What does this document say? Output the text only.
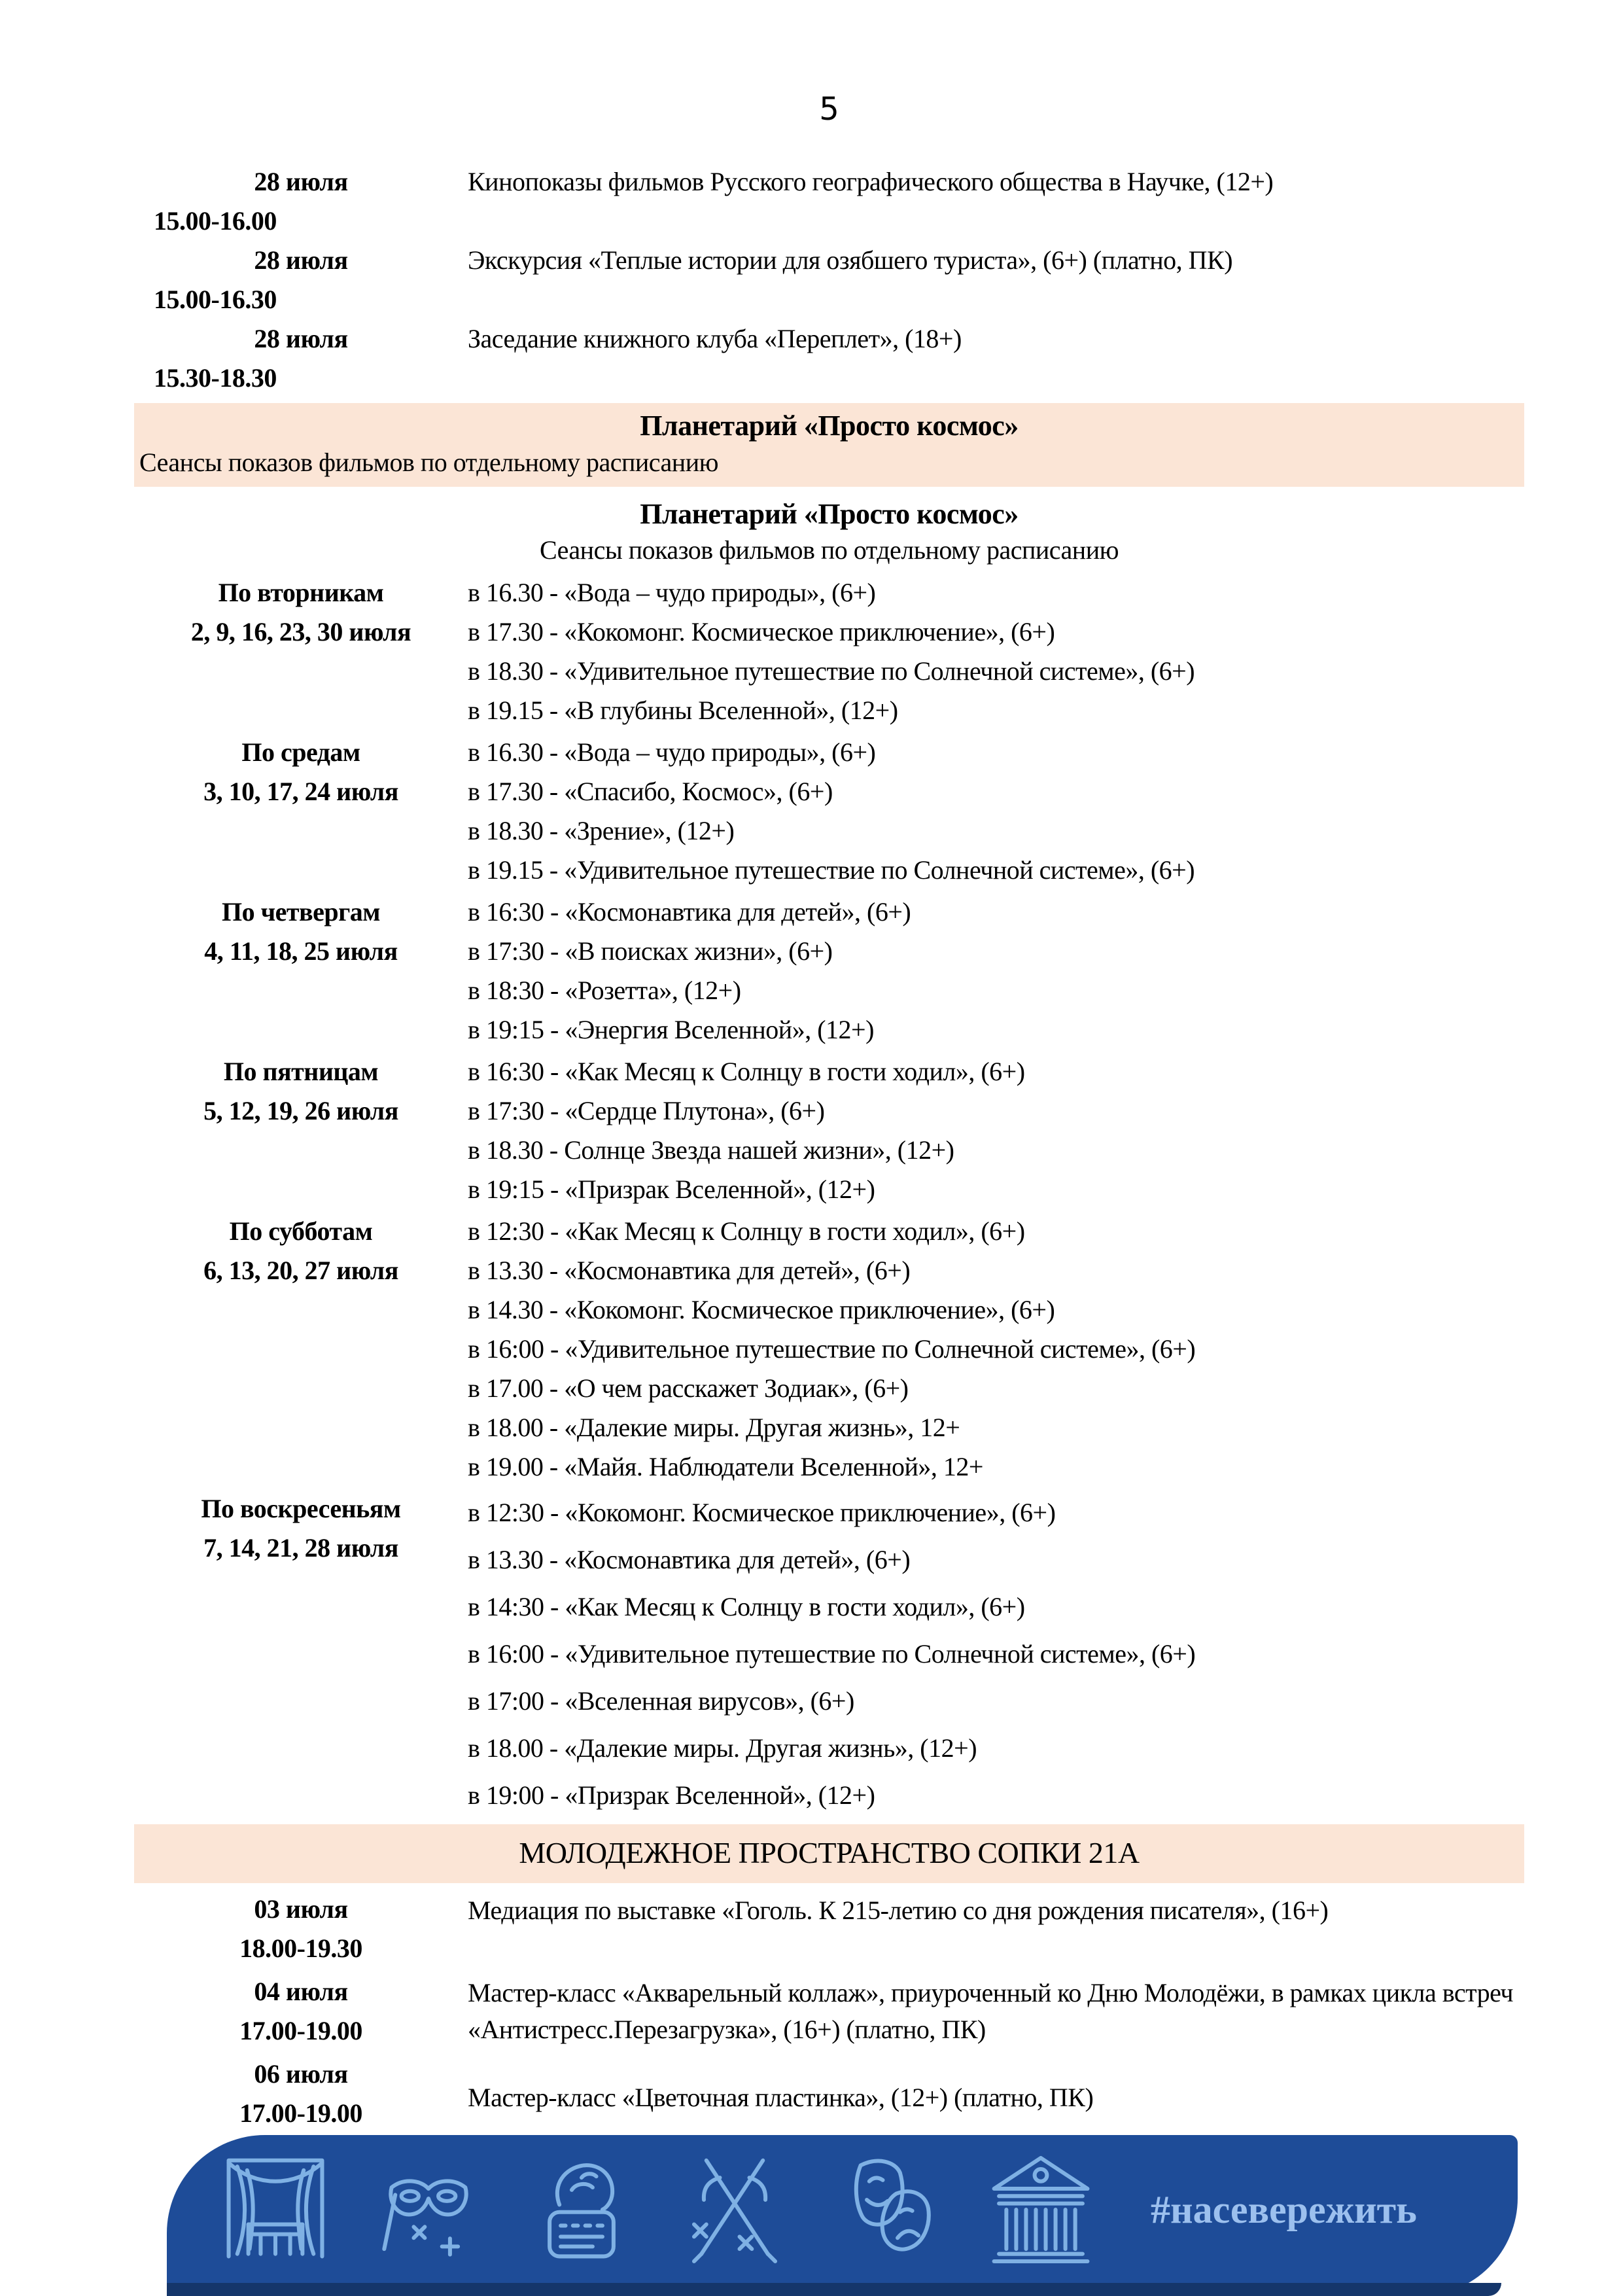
5
28 июля
15.00-16.00
Кинопоказы фильмов Русского географического общества в Научке, (12+)
28 июля
15.00-16.30
Экскурсия «Теплые истории для озябшего туриста», (6+) (платно, ПК)
28 июля
15.30-18.30
Заседание книжного клуба «Переплет», (18+)
Планетарий «Просто космос»
Сеансы показов фильмов по отдельному расписанию
Планетарий «Просто космос»
Сеансы показов фильмов по отдельному расписанию
По вторникам
2, 9, 16, 23, 30 июля
в 16.30 - «Вода – чудо природы», (6+)
в 17.30 - «Кокомонг. Космическое приключение», (6+)
в 18.30 - «Удивительное путешествие по Солнечной системе», (6+)
в 19.15 - «В глубины Вселенной», (12+)
По средам
3, 10, 17, 24 июля
в 16.30 - «Вода – чудо природы», (6+)
в 17.30 - «Спасибо, Космос», (6+)
в 18.30 - «Зрение», (12+)
в 19.15 - «Удивительное путешествие по Солнечной системе», (6+)
По четвергам
4, 11, 18, 25 июля
в 16:30 - «Космонавтика для детей», (6+)
в 17:30 - «В поисках жизни», (6+)
в 18:30 - «Розетта», (12+)
в 19:15 - «Энергия Вселенной», (12+)
По пятницам
5, 12, 19, 26 июля
в 16:30 - «Как Месяц к Солнцу в гости ходил», (6+)
в 17:30 - «Сердце Плутона», (6+)
в 18.30 - Солнце Звезда нашей жизни», (12+)
в 19:15 - «Призрак Вселенной», (12+)
По субботам
6, 13, 20, 27 июля
в 12:30 - «Как Месяц к Солнцу в гости ходил», (6+)
в 13.30 - «Космонавтика для детей», (6+)
в 14.30 - «Кокомонг. Космическое приключение», (6+)
в 16:00 - «Удивительное путешествие по Солнечной системе», (6+)
в 17.00 - «О чем расскажет Зодиак», (6+)
в 18.00 - «Далекие миры. Другая жизнь», 12+
в 19.00 - «Майя. Наблюдатели Вселенной», 12+
По воскресеньям
7, 14, 21, 28 июля
в 12:30 - «Кокомонг. Космическое приключение», (6+)
в 13.30 - «Космонавтика для детей», (6+)
в 14:30 - «Как Месяц к Солнцу в гости ходил», (6+)
в 16:00 - «Удивительное путешествие по Солнечной системе», (6+)
в 17:00 - «Вселенная вирусов», (6+)
в 18.00 - «Далекие миры. Другая жизнь», (12+)
в 19:00 - «Призрак Вселенной», (12+)
МОЛОДЕЖНОЕ ПРОСТРАНСТВО СОПКИ 21А
03 июля
18.00-19.30
Медиация по выставке «Гоголь. К 215-летию со дня рождения писателя», (16+)
04 июля
17.00-19.00
Мастер-класс «Акварельный коллаж», приуроченный ко Дню Молодёжи, в рамках цикла встреч «Антистресс.Перезагрузка», (16+) (платно, ПК)
06 июля
17.00-19.00
Мастер-класс «Цветочная пластинка», (12+) (платно, ПК)
#насевережить
